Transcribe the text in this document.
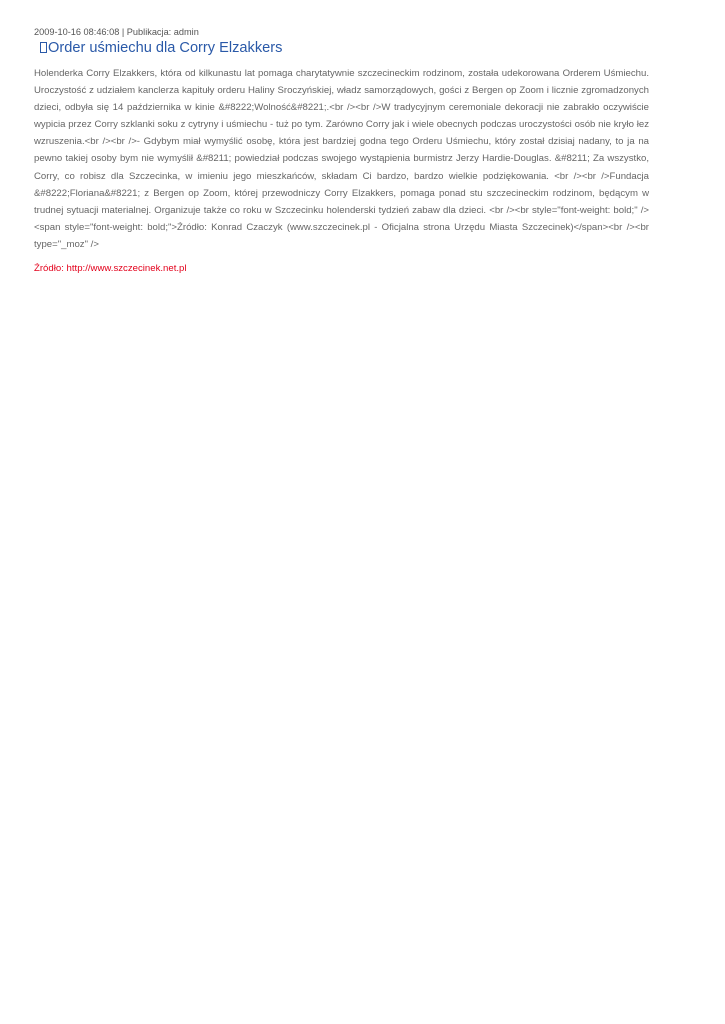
2009-10-16 08:46:08 | Publikacja: admin

Order uśmiechu dla Corry Elzakkers

Holenderka Corry Elzakkers, która od kilkunastu lat pomaga charytatywnie szczecineckim rodzinom, została udekorowana Orderem Uśmiechu. Uroczystość z udziałem kanclerza kapituły orderu Haliny Sroczyńskiej, władz samorządowych, gości z Bergen op Zoom i licznie zgromadzonych dzieci, odbyła się 14 października w kinie &#8222;Wolność&#8221;.<br /><br />W tradycyjnym ceremoniale dekoracji nie zabrakło oczywiście wypicia przez Corry szklanki soku z cytryny i uśmiechu - tuż po tym. Zarówno Corry jak i wiele obecnych podczas uroczystości osób nie kryło łez wzruszenia.<br /><br />- Gdybym miał wymyślić osobę, która jest bardziej godna tego Orderu Uśmiechu, który został dzisiaj nadany, to ja na pewno takiej osoby bym nie wymyślił &#8211; powiedział podczas swojego wystąpienia burmistrz Jerzy Hardie-Douglas. &#8211; Za wszystko, Corry, co robisz dla Szczecinka, w imieniu jego mieszkańców, składam Ci bardzo, bardzo wielkie podziękowania. <br /><br />Fundacja &#8222;Floriana&#8221; z Bergen op Zoom, której przewodniczy Corry Elzakkers, pomaga ponad stu szczecineckim rodzinom, będącym w trudnej sytuacji materialnej. Organizuje także co roku w Szczecinku holenderski tydzień zabaw dla dzieci. <br /><br style="font-weight: bold;" /><span style="font-weight: bold;">Źródło: Konrad Czaczyk (www.szczecinek.pl - Oficjalna strona Urzędu Miasta Szczecinek)</span><br /><br type="_moz" />

Źródło: http://www.szczecinek.net.pl
